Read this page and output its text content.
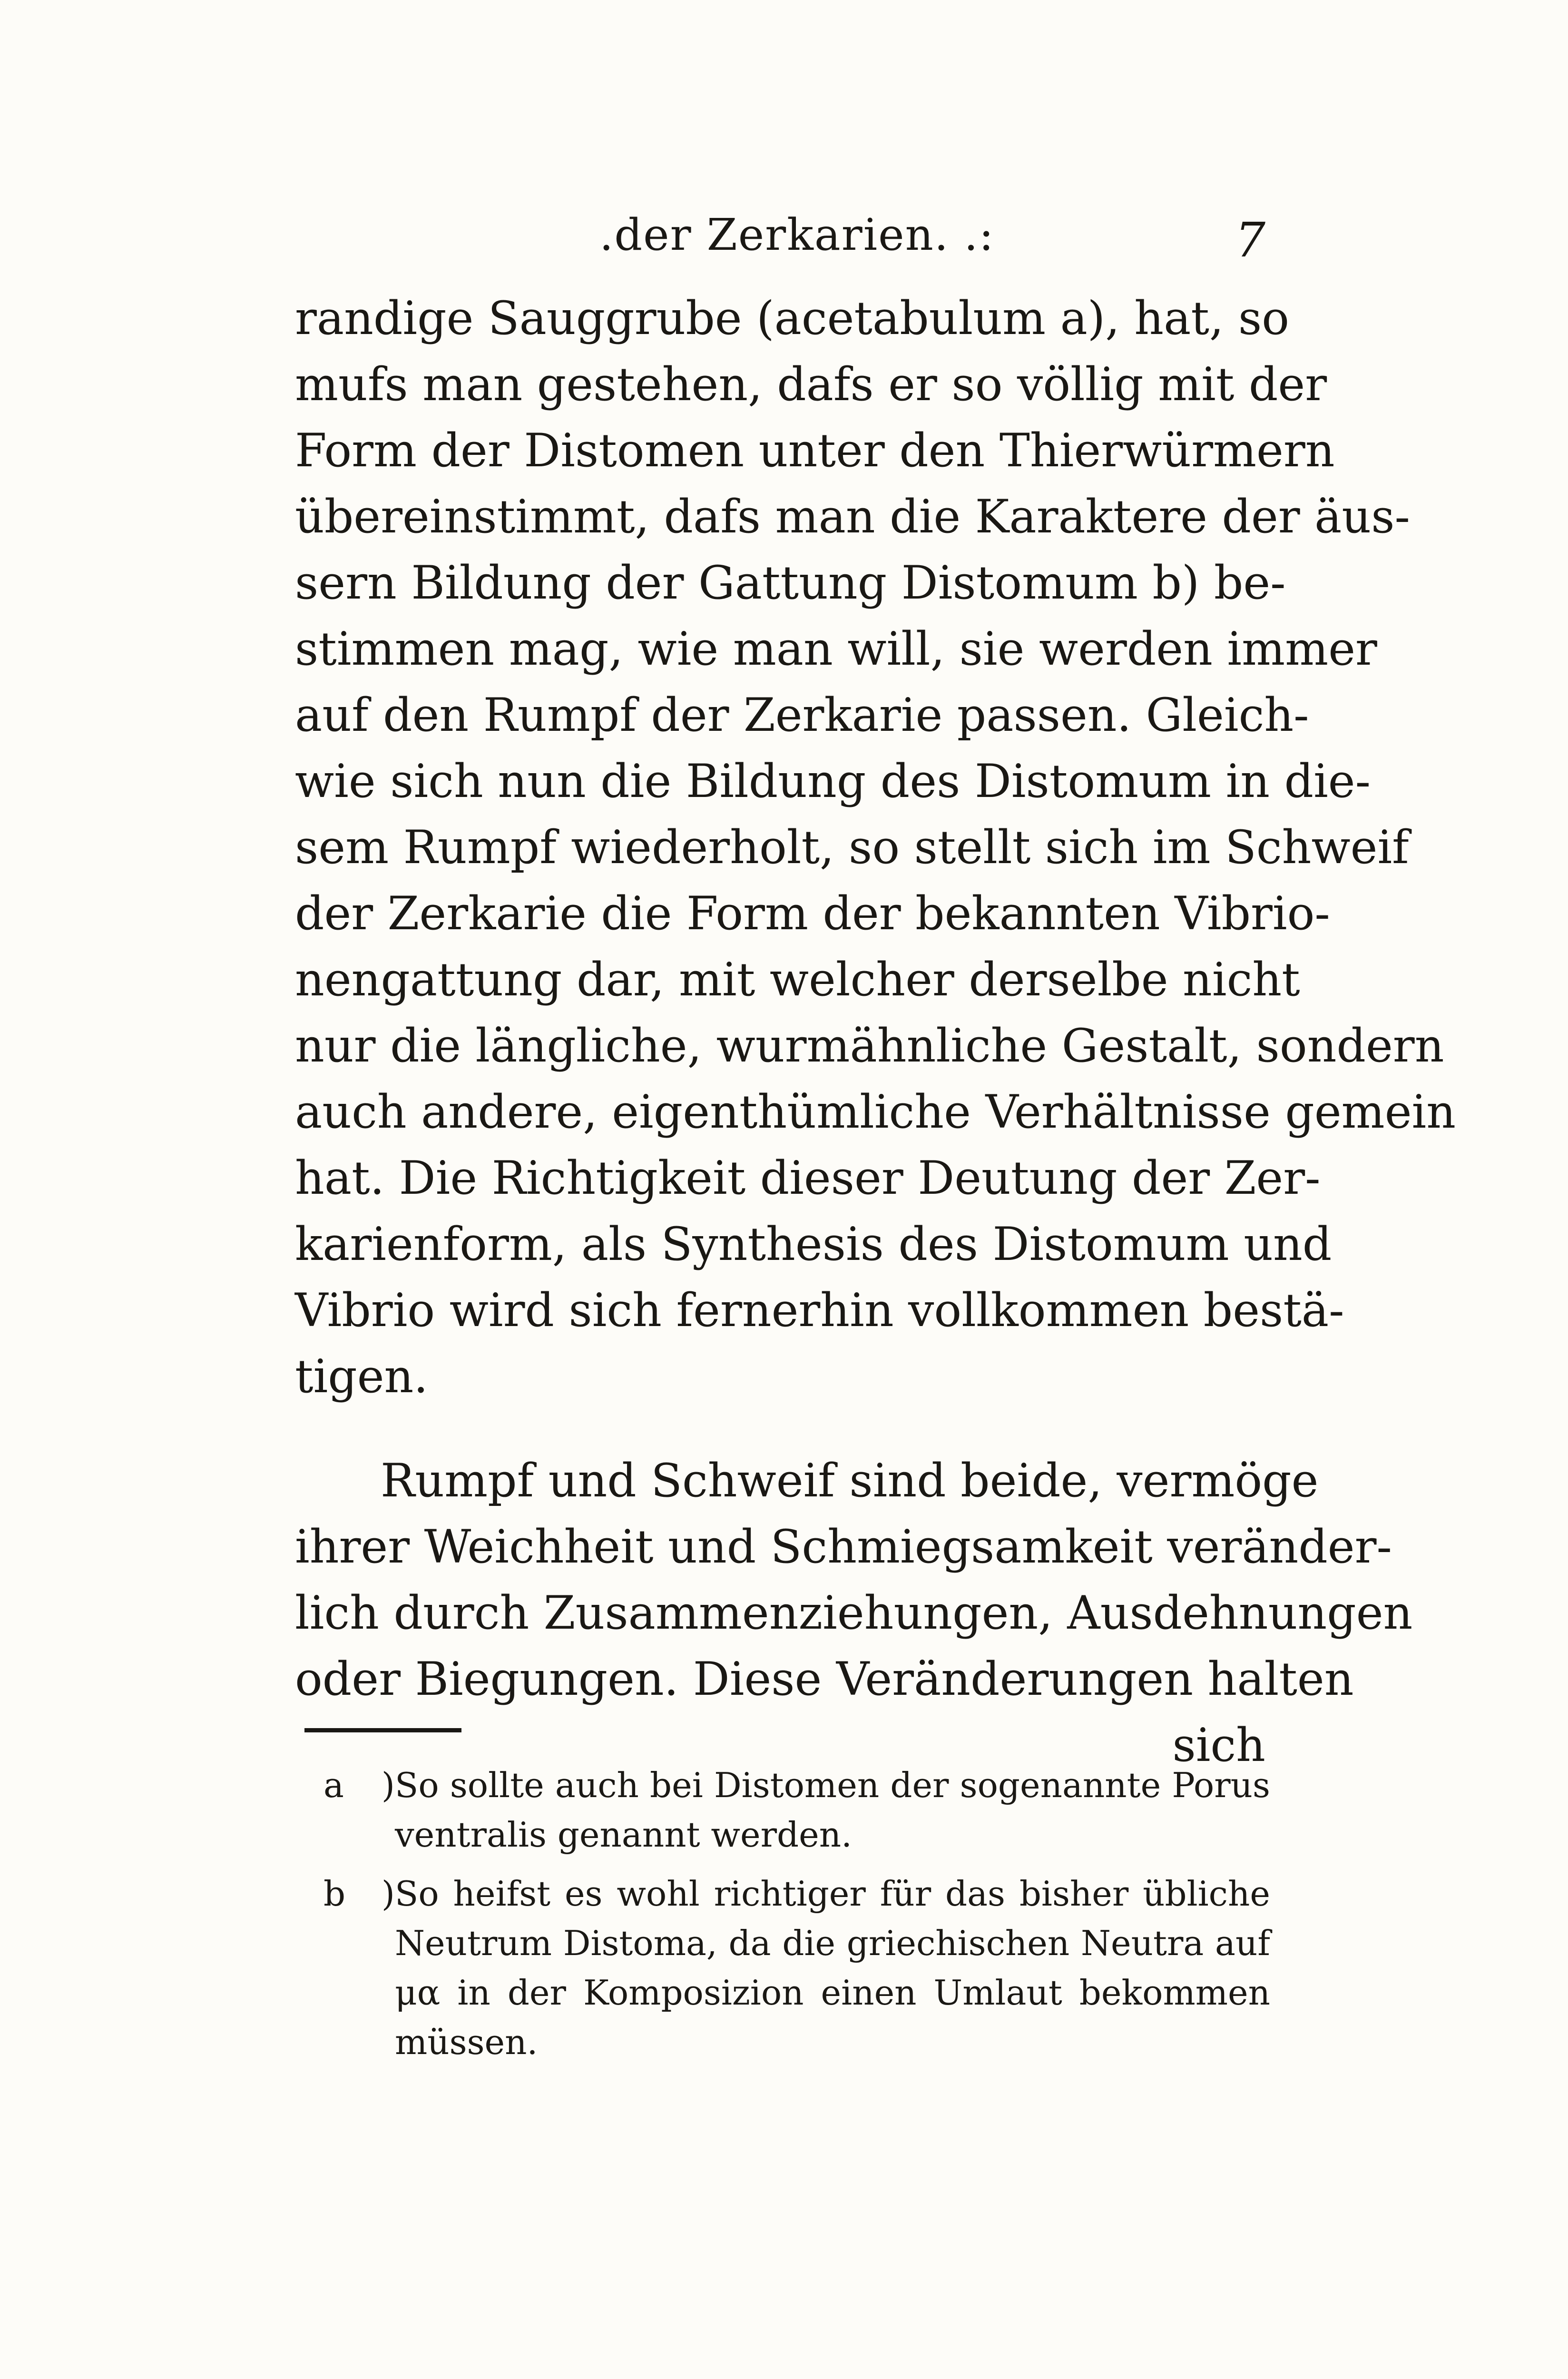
.der Zerkarien. .:	7
randige Sauggrube (acetabulum a), hat, so
mufs man gestehen, dafs er so völlig mit der
Form der Distomen unter den Thierwürmern
übereinstimmt, dafs man die Karaktere der äus-
sern Bildung der Gattung Distomum b) be-
stimmen mag, wie man will, sie werden immer
auf den Rumpf der Zerkarie passen. Gleich-
wie sich nun die Bildung des Distomum in die-
sem Rumpf wiederholt, so stellt sich im Schweif
der Zerkarie die Form der bekannten Vibrio-
nengattung dar, mit welcher derselbe nicht
nur die längliche, wurmähnliche Gestalt, sondern
auch andere, eigenthümliche Verhältnisse gemein
hat. Die Richtigkeit dieser Deutung der Zer-
karienform, als Synthesis des Distomum und
Vibrio wird sich fernerhin vollkommen bestä-
tigen.
Rumpf und Schweif sind beide, vermöge
ihrer Weichheit und Schmiegsamkeit veränder-
lich durch Zusammenziehungen, Ausdehnungen
oder Biegungen. Diese Veränderungen halten
sich
a )So sollte auch bei Distomen der sogenannte Porus
ventralis genannt werden.
b )So heifst es wohl richtiger für das bisher übliche
Neutrum Distoma, da die griechischen Neutra auf
μα in der Komposizion einen Umlaut bekommen
müssen.
